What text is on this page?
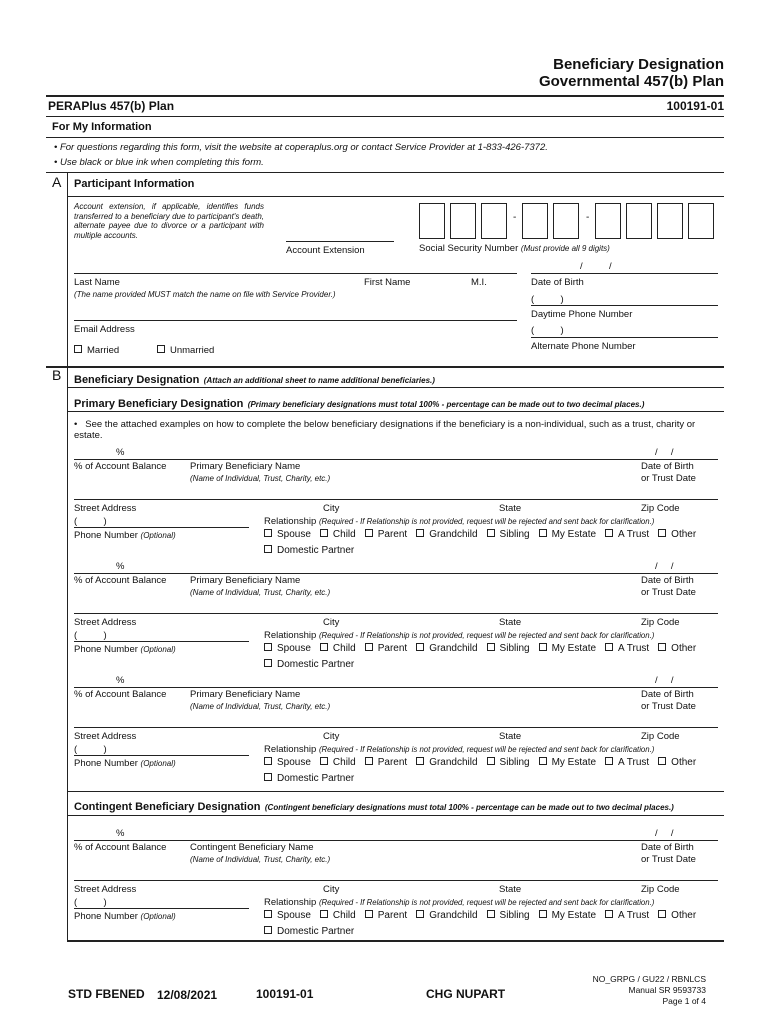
Beneficiary Designation
Governmental 457(b) Plan
PERAPlus 457(b) Plan	100191-01
For My Information
• For questions regarding this form, visit the website at coperaplus.org or contact Service Provider at 1-833-426-7372.
• Use black or blue ink when completing this form.
A Participant Information
Account extension, if applicable, identifies funds transferred to a beneficiary due to participant's death, alternate payee due to divorce or a participant with multiple accounts.
Account Extension
-	-
Social Security Number (Must provide all 9 digits)
/          /
Last Name	First Name	M.I.	Date of Birth
(The name provided MUST match the name on file with Service Provider.)	(          )
Daytime Phone Number
Email Address	(          )
Alternate Phone Number
Married	Unmarried
B Beneficiary Designation (Attach an additional sheet to name additional beneficiaries.)
Primary Beneficiary Designation (Primary beneficiary designations must total 100% - percentage can be made out to two decimal places.)
•   See the attached examples on how to complete the below beneficiary designations if the beneficiary is a non-individual, such as a trust, charity or estate.
%	/     /
% of Account Balance Primary Beneficiary Name
(Name of Individual, Trust, Charity, etc.)
Date of Birth
or Trust Date
Street Address	City	State	Zip Code
(          )
Phone Number (Optional)
Relationship (Required - If Relationship is not provided, request will be rejected and sent back for clarification.)
Spouse Child Parent Grandchild Sibling My Estate A Trust Other
Domestic Partner
%	/     /
% of Account Balance Primary Beneficiary Name
(Name of Individual, Trust, Charity, etc.)
Date of Birth
or Trust Date
Street Address	City	State	Zip Code
(          )
Phone Number (Optional)
Relationship (Required - If Relationship is not provided, request will be rejected and sent back for clarification.)
Spouse Child Parent Grandchild Sibling My Estate A Trust Other
Domestic Partner
%	/     /
% of Account Balance Primary Beneficiary Name
(Name of Individual, Trust, Charity, etc.)
Date of Birth
or Trust Date
Street Address	City	State	Zip Code
(          )
Phone Number (Optional)
Relationship (Required - If Relationship is not provided, request will be rejected and sent back for clarification.)
Spouse Child Parent Grandchild Sibling My Estate A Trust Other
Domestic Partner
%	/     /
% of Account Balance Contingent Beneficiary Name
(Name of Individual, Trust, Charity, etc.)
Date of Birth
or Trust Date
Street Address	City	State	Zip Code
(          )
Phone Number (Optional)
Relationship (Required - If Relationship is not provided, request will be rejected and sent back for clarification.)
Spouse Child Parent Grandchild Sibling My Estate A Trust Other
Domestic Partner
Contingent Beneficiary Designation (Contingent beneficiary designations must total 100% - percentage can be made out to two decimal places.)
STD FBENED 12/08/2021	100191-01	CHG NUPART
NO_GRPG / GU22 / RBNLCS
Manual SR 9593733
Page 1 of 4
